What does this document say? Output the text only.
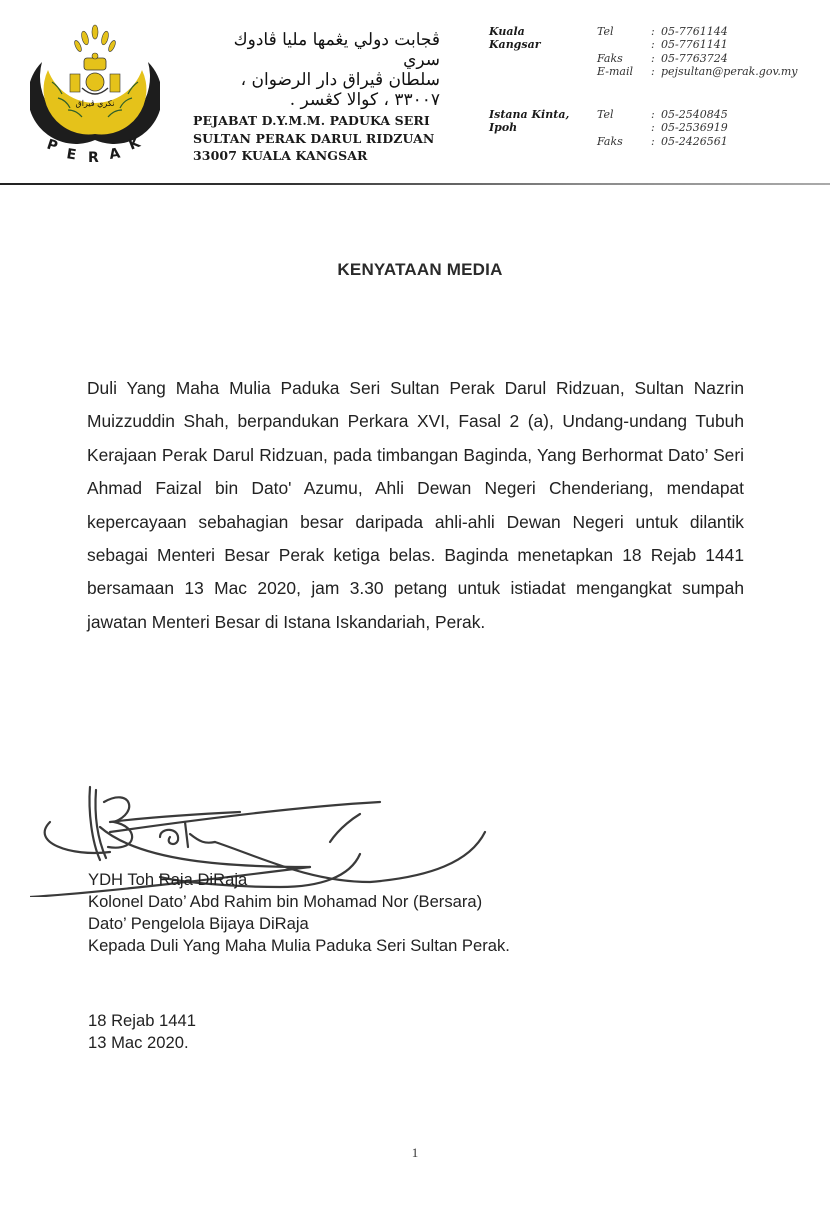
نکري ڤيراق
P E R A
K
ڤجابت دولي يڠمها مليا ڤادوك سري
سلطان ڤيراق دار الرضوان ،
٣٣٠٠٧ ، كوالا كڠسر .
PEJABAT D.Y.M.M. PADUKA SERI
SULTAN PERAK DARUL RIDZUAN
33007 KUALA KANGSAR
Kuala
Kangsar
Tel	: 05-7761144
: 05-7761141
Faks	: 05-7763724
E-mail : pejsultan@perak.gov.my
Istana Kinta,
Ipoh
Tel	: 05-2540845
: 05-2536919
Faks	: 05-2426561
KENYATAAN MEDIA
Duli Yang Maha Mulia Paduka Seri Sultan Perak Darul Ridzuan, Sultan Nazrin Muizzuddin Shah, berpandukan Perkara XVI, Fasal 2 (a), Undang-undang Tubuh Kerajaan Perak Darul Ridzuan, pada timbangan Baginda, Yang Berhormat Dato’ Seri Ahmad Faizal bin Dato' Azumu, Ahli Dewan Negeri Chenderiang, mendapat kepercayaan sebahagian besar daripada ahli-ahli Dewan Negeri untuk dilantik sebagai Menteri Besar Perak ketiga belas. Baginda menetapkan 18 Rejab 1441 bersamaan 13 Mac 2020, jam 3.30 petang untuk istiadat mengangkat sumpah jawatan Menteri Besar di Istana Iskandariah, Perak.
YDH Toh Raja DiRaja
Kolonel Dato’ Abd Rahim bin Mohamad Nor (Bersara)
Dato’ Pengelola Bijaya DiRaja
Kepada Duli Yang Maha Mulia Paduka Seri Sultan Perak.
18 Rejab 1441
13 Mac 2020.
1
